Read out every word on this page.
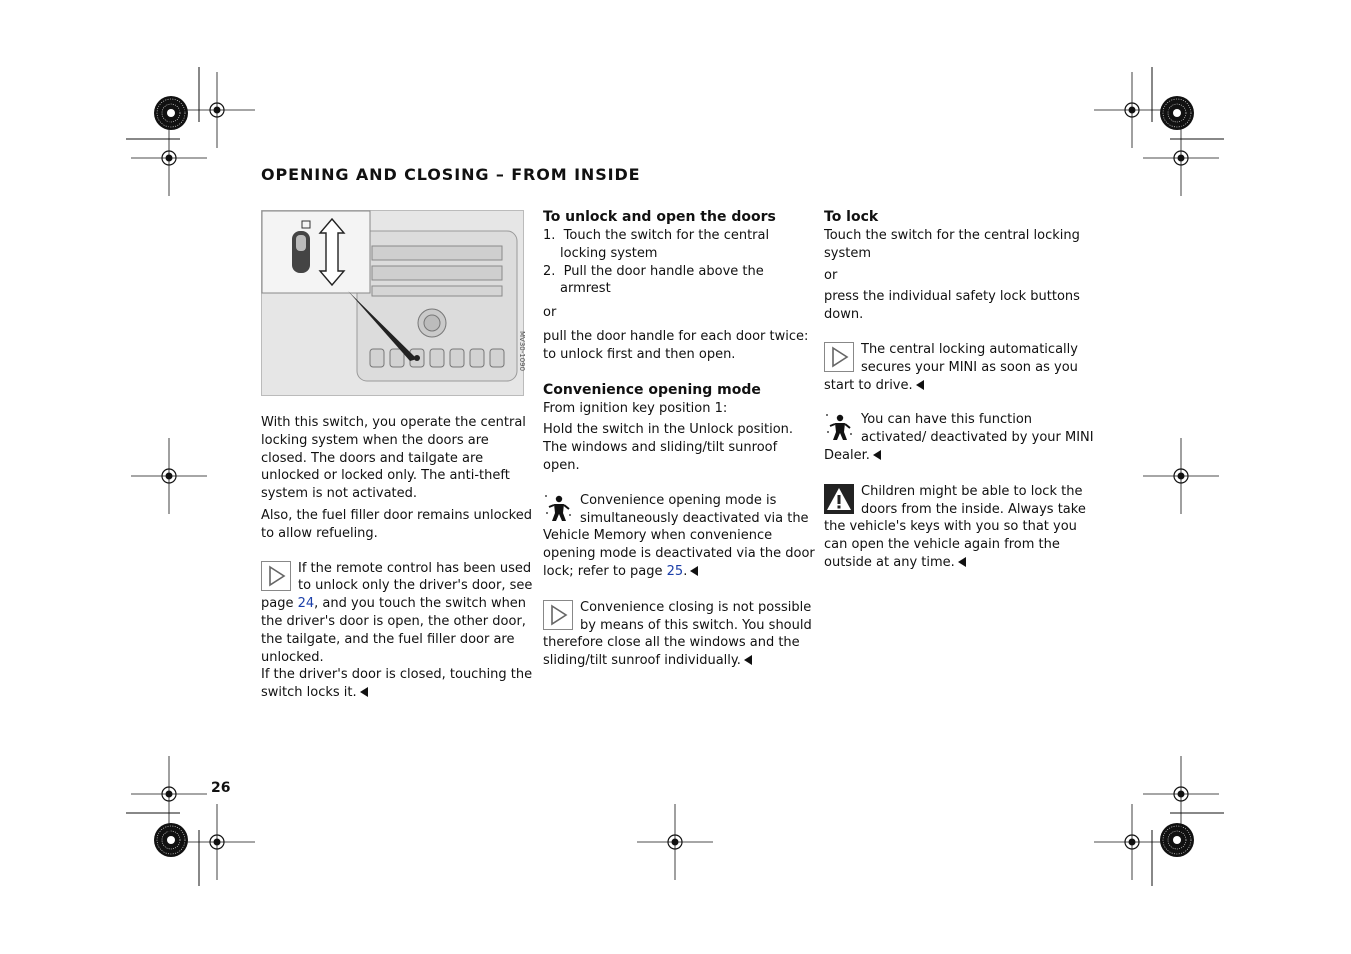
OPENING AND CLOSING – FROM INSIDE
MV30-1090

With this switch, you operate the central locking system when the doors are closed. The doors and tailgate are unlocked or locked only. The anti-theft system is not activated.

Also, the fuel filler door remains unlocked to allow refueling.

If the remote control has been used to unlock only the driver's door, see page 24, and you touch the switch when the driver's door is open, the other door, the tailgate, and the fuel filler door are unlocked.

If the driver's door is closed, touching the switch locks it.

To unlock and open the doors

1. Touch the switch for the central locking system

2. Pull the door handle above the armrest

or

pull the door handle for each door twice: to unlock first and then open.

Convenience opening mode

From ignition key position 1:

Hold the switch in the Unlock position. The windows and sliding/tilt sunroof open.

Convenience opening mode is simultaneously deactivated via the Vehicle Memory when convenience opening mode is deactivated via the door lock; refer to page 25.

Convenience closing is not possible by means of this switch. You should therefore close all the windows and the sliding/tilt sunroof individually.

To lock

Touch the switch for the central locking system

or

press the individual safety lock buttons down.

The central locking automatically secures your MINI as soon as you start to drive.

You can have this function activated/ deactivated by your MINI Dealer.

Children might be able to lock the doors from the inside. Always take the vehicle's keys with you so that you can open the vehicle again from the outside at any time.

26
